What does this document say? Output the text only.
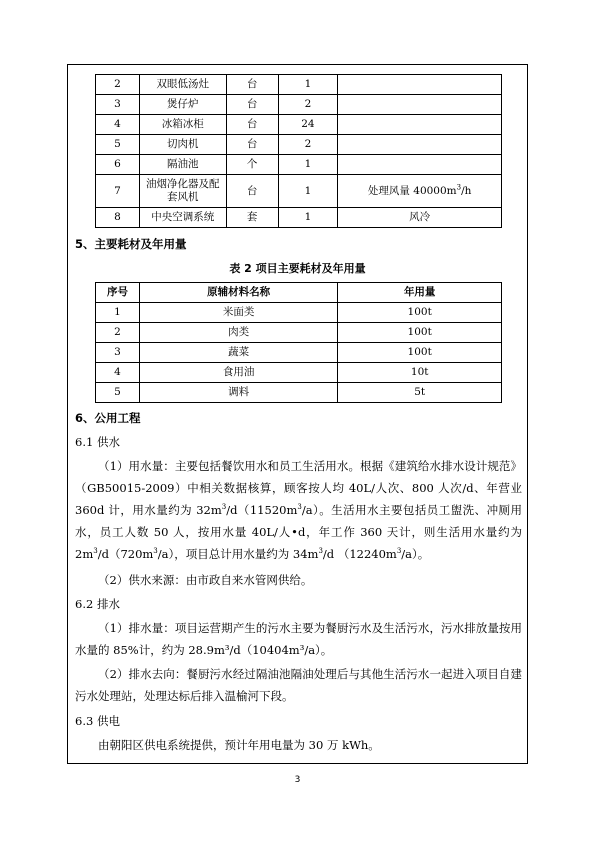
2	双眼低汤灶	台	1	
3	煲仔炉	台	2	
4	冰箱冰柜	台	24	
5	切肉机	台	2	
6	隔油池	个	1	
7	油烟净化器及配套风机	台	1	处理风量 $40000m^3/h$
8	中央空调系统	套	1	风冷
5、主要耗材及年用量
表 2 项目主要耗材及年用量
序号	原辅材料名称	年用量
1	米面类	100t
2	肉类	100t
3	蔬菜	100t
4	食用油	10t
5	调料	5t
6、公用工程
6.1 供水
（1）用水量：主要包括餐饮用水和员工生活用水。根据《建筑给水排水设计规范》（GB50015-2009）中相关数据核算，顾客按人均 40L/人次、800 人次/d、年营业 360d 计，用水量约为 $32m^3/d(11520m^3/a)$。生活用水主要包括员工盥洗、冲厕用水，员工人数 50 人，按用水量 40L/人•d，年工作 360 天计，则生活用水量约为 $2m^3/d(720m^3/a)$，项目总计用水量约为 $34m^3/d$ $(12240m^3/a)$。
（2）供水来源：由市政自来水管网供给。
6.2 排水
（1）排水量：项目运营期产生的污水主要为餐厨污水及生活污水，污水排放量按用水量的 85%计，约为 28.9m³/d（10404m³/a）。
（2）排水去向：餐厨污水经过隔油池隔油处理后与其他生活污水一起进入项目自建污水处理站，处理达标后排入温榆河下段。
6.3 供电
由朝阳区供电系统提供，预计年用电量为 30 万 kWh。
3
